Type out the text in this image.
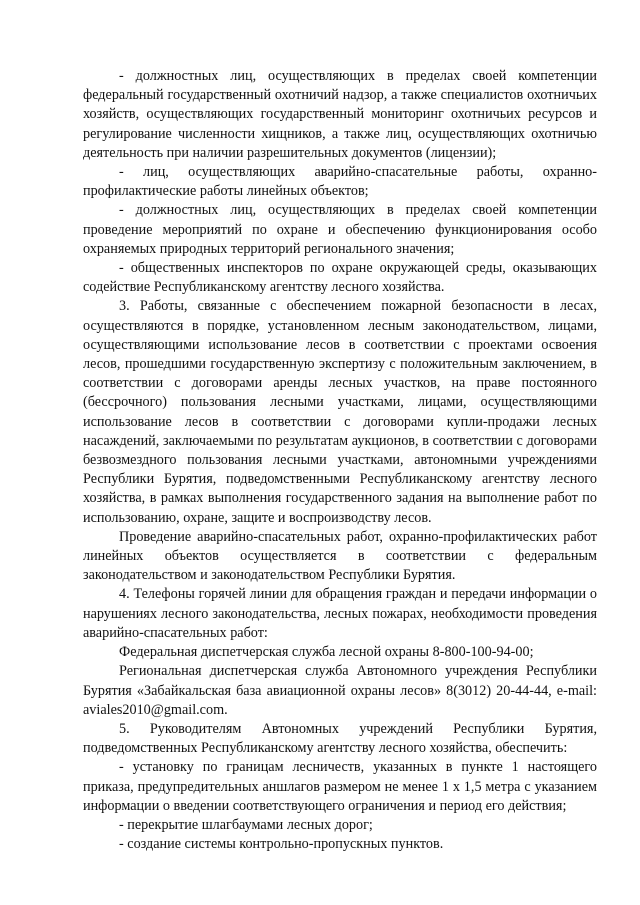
- должностных лиц, осуществляющих в пределах своей компетенции федеральный государственный охотничий надзор, а также специалистов охотничьих хозяйств, осуществляющих государственный мониторинг охотничьих ресурсов и регулирование численности хищников, а также лиц, осуществляющих охотничью деятельность при наличии разрешительных документов (лицензии);

- лиц, осуществляющих аварийно-спасательные работы, охранно-профилактические работы линейных объектов;

- должностных лиц, осуществляющих в пределах своей компетенции проведение мероприятий по охране и обеспечению функционирования особо охраняемых природных территорий регионального значения;

- общественных инспекторов по охране окружающей среды, оказывающих содействие Республиканскому агентству лесного хозяйства.

3. Работы, связанные с обеспечением пожарной безопасности в лесах, осуществляются в порядке, установленном лесным законодательством, лицами, осуществляющими использование лесов в соответствии с проектами освоения лесов, прошедшими государственную экспертизу с положительным заключением, в соответствии с договорами аренды лесных участков, на праве постоянного (бессрочного) пользования лесными участками, лицами, осуществляющими использование лесов в соответствии с договорами купли-продажи лесных насаждений, заключаемыми по результатам аукционов, в соответствии с договорами безвозмездного пользования лесными участками, автономными учреждениями Республики Бурятия, подведомственными Республиканскому агентству лесного хозяйства, в рамках выполнения государственного задания на выполнение работ по использованию, охране, защите и воспроизводству лесов.

Проведение аварийно-спасательных работ, охранно-профилактических работ линейных объектов осуществляется в соответствии с федеральным законодательством и законодательством Республики Бурятия.

4. Телефоны горячей линии для обращения граждан и передачи информации о нарушениях лесного законодательства, лесных пожарах, необходимости проведения аварийно-спасательных работ:

Федеральная диспетчерская служба лесной охраны 8-800-100-94-00;

Региональная диспетчерская служба Автономного учреждения Республики Бурятия «Забайкальская база авиационной охраны лесов» 8(3012) 20-44-44, e-mail: aviales2010@gmail.com.

5. Руководителям Автономных учреждений Республики Бурятия, подведомственных Республиканскому агентству лесного хозяйства, обеспечить:

- установку по границам лесничеств, указанных в пункте 1 настоящего приказа, предупредительных аншлагов размером не менее 1 х 1,5 метра с указанием информации о введении соответствующего ограничения и период его действия;

- перекрытие шлагбаумами лесных дорог;

- создание системы контрольно-пропускных пунктов.
